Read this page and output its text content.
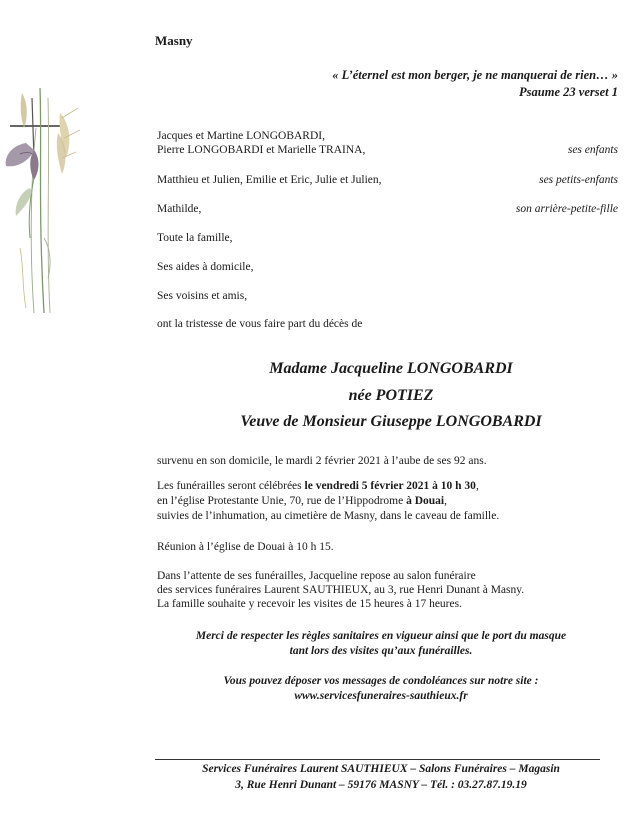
Masny
« L’éternel est mon berger, je ne manquerai de rien… »
Psaume 23 verset 1
Jacques et Martine LONGOBARDI,
Pierre LONGOBARDI et Marielle TRAINA,	ses enfants
Matthieu et Julien, Emilie et Eric, Julie et Julien,	ses petits-enfants
Mathilde,	son arrière-petite-fille
Toute la famille,
Ses aides à domicile,
Ses voisins et amis,
ont la tristesse de vous faire part du décès de
Madame Jacqueline LONGOBARDI
née POTIEZ
Veuve de Monsieur Giuseppe LONGOBARDI
survenu en son domicile, le mardi 2 février 2021 à l’aube de ses 92 ans.
Les funérailles seront célébrées le vendredi 5 février 2021 à 10 h 30,
en l’église Protestante Unie, 70, rue de l’Hippodrome à Douai,
suivies de l’inhumation, au cimetière de Masny, dans le caveau de famille.
Réunion à l’église de Douai à 10 h 15.
Dans l’attente de ses funérailles, Jacqueline repose au salon funéraire
des services funéraires Laurent SAUTHIEUX, au 3, rue Henri Dunant à Masny.
La famille souhaite y recevoir les visites de 15 heures à 17 heures.
Merci de respecter les règles sanitaires en vigueur ainsi que le port du masque
tant lors des visites qu’aux funérailles.
Vous pouvez déposer vos messages de condoléances sur notre site :
www.servicesfuneraires-sauthieux.fr
Services Funéraires Laurent SAUTHIEUX – Salons Funéraires – Magasin
3, Rue Henri Dunant – 59176 MASNY – Tél. : 03.27.87.19.19
